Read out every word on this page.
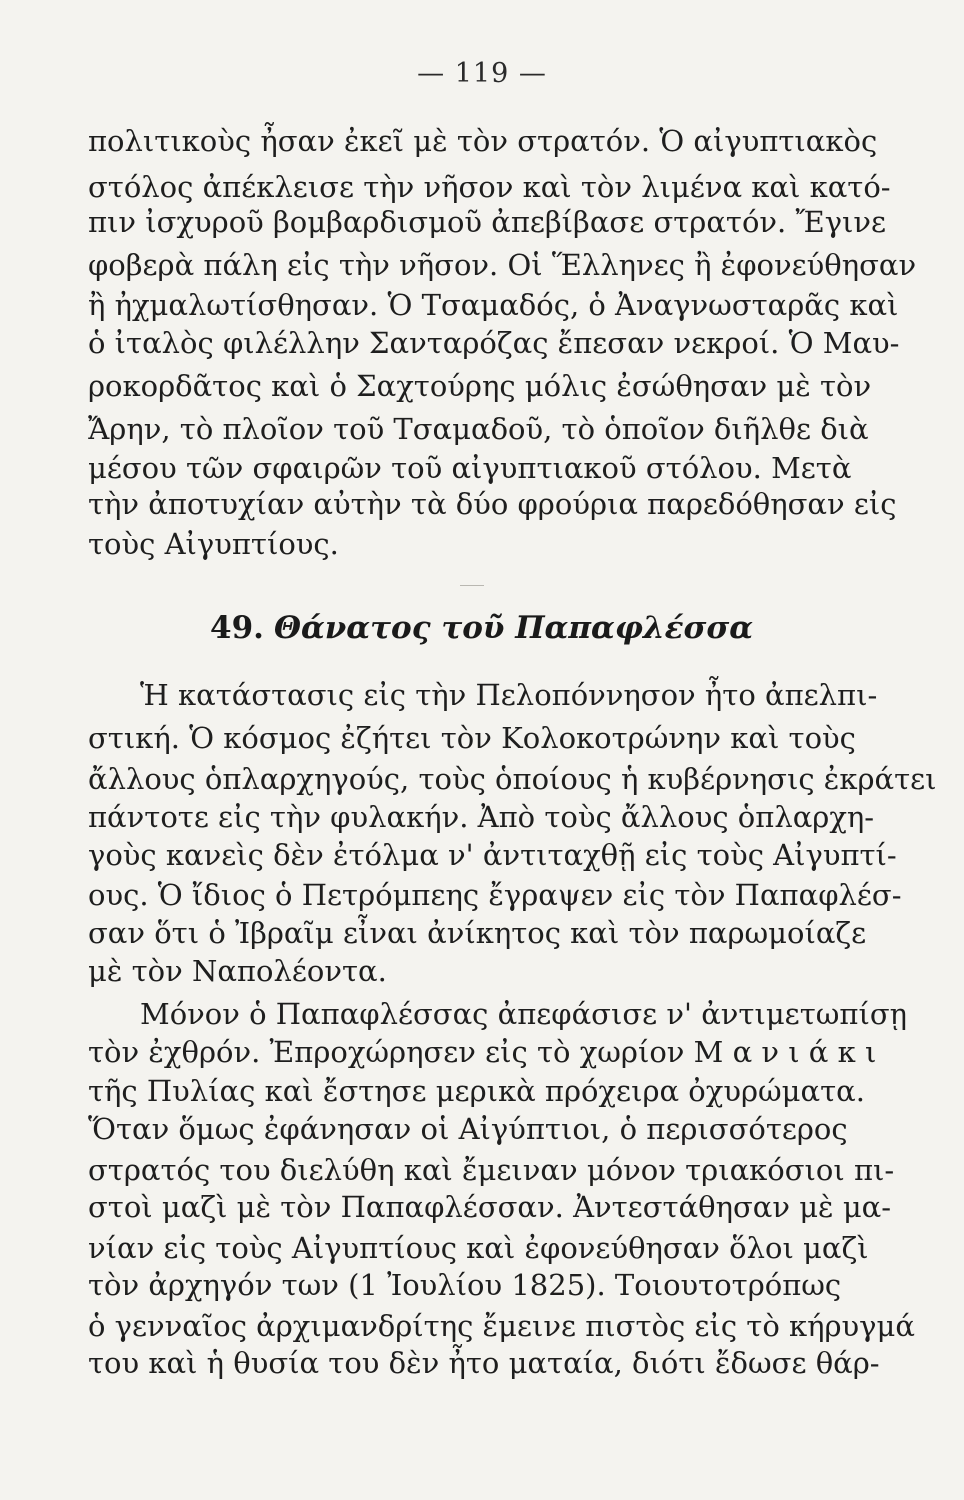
— 119 —
πολιτικοὺς ἦσαν ἐκεῖ μὲ τὸν στρατόν. Ὁ αἰγυπτιακὸς
στόλος ἀπέκλεισε τὴν νῆσον καὶ τὸν λιμένα καὶ κατό-
πιν ἰσχυροῦ βομβαρδισμοῦ ἀπεβίβασε στρατόν. Ἔγινε
φοβερὰ πάλη εἰς τὴν νῆσον. Οἱ Ἕλληνες ἢ ἐφονεύθησαν
ἢ ἠχμαλωτίσθησαν. Ὁ Τσαμαδός, ὁ Ἀναγνωσταρᾶς καὶ
ὁ ἰταλὸς φιλέλλην Σανταρόζας ἔπεσαν νεκροί. Ὁ Μαυ-
ροκορδᾶτος καὶ ὁ Σαχτούρης μόλις ἐσώθησαν μὲ τὸν
Ἄρην, τὸ πλοῖον τοῦ Τσαμαδοῦ, τὸ ὁποῖον διῆλθε διὰ
μέσου τῶν σφαιρῶν τοῦ αἰγυπτιακοῦ στόλου. Μετὰ
τὴν ἀποτυχίαν αὐτὴν τὰ δύο φρούρια παρεδόθησαν εἰς
τοὺς Αἰγυπτίους.
49. Θάνατος τοῦ Παπαφλέσσα
Ἡ κατάστασις εἰς τὴν Πελοπόννησον ἦτο ἀπελπι-
στική. Ὁ κόσμος ἐζήτει τὸν Κολοκοτρώνην καὶ τοὺς
ἄλλους ὁπλαρχηγούς, τοὺς ὁποίους ἡ κυβέρνησις ἐκράτει
πάντοτε εἰς τὴν φυλακήν. Ἀπὸ τοὺς ἄλλους ὁπλαρχη-
γοὺς κανεὶς δὲν ἐτόλμα ν' ἀντιταχθῇ εἰς τοὺς Αἰγυπτί-
ους. Ὁ ἴδιος ὁ Πετρόμπεης ἔγραψεν εἰς τὸν Παπαφλέσ-
σαν ὅτι ὁ Ἰβραῖμ εἶναι ἀνίκητος καὶ τὸν παρωμοίαζε
μὲ τὸν Ναπολέοντα.
Μόνον ὁ Παπαφλέσσας ἀπεφάσισε ν' ἀντιμετωπίσῃ
τὸν ἐχθρόν. Ἐπροχώρησεν εἰς τὸ χωρίον Μ α ν ι ά κ ι
τῆς Πυλίας καὶ ἔστησε μερικὰ πρόχειρα ὀχυρώματα.
Ὅταν ὅμως ἐφάνησαν οἱ Αἰγύπτιοι, ὁ περισσότερος
στρατός του διελύθη καὶ ἔμειναν μόνον τριακόσιοι πι-
στοὶ μαζὶ μὲ τὸν Παπαφλέσσαν. Ἀντεστάθησαν μὲ μα-
νίαν εἰς τοὺς Αἰγυπτίους καὶ ἐφονεύθησαν ὅλοι μαζὶ
τὸν ἀρχηγόν των (1 Ἰουλίου 1825). Τοιουτοτρόπως
ὁ γενναῖος ἀρχιμανδρίτης ἔμεινε πιστὸς εἰς τὸ κήρυγμά
του καὶ ἡ θυσία του δὲν ἦτο ματαία, διότι ἔδωσε θάρ-
